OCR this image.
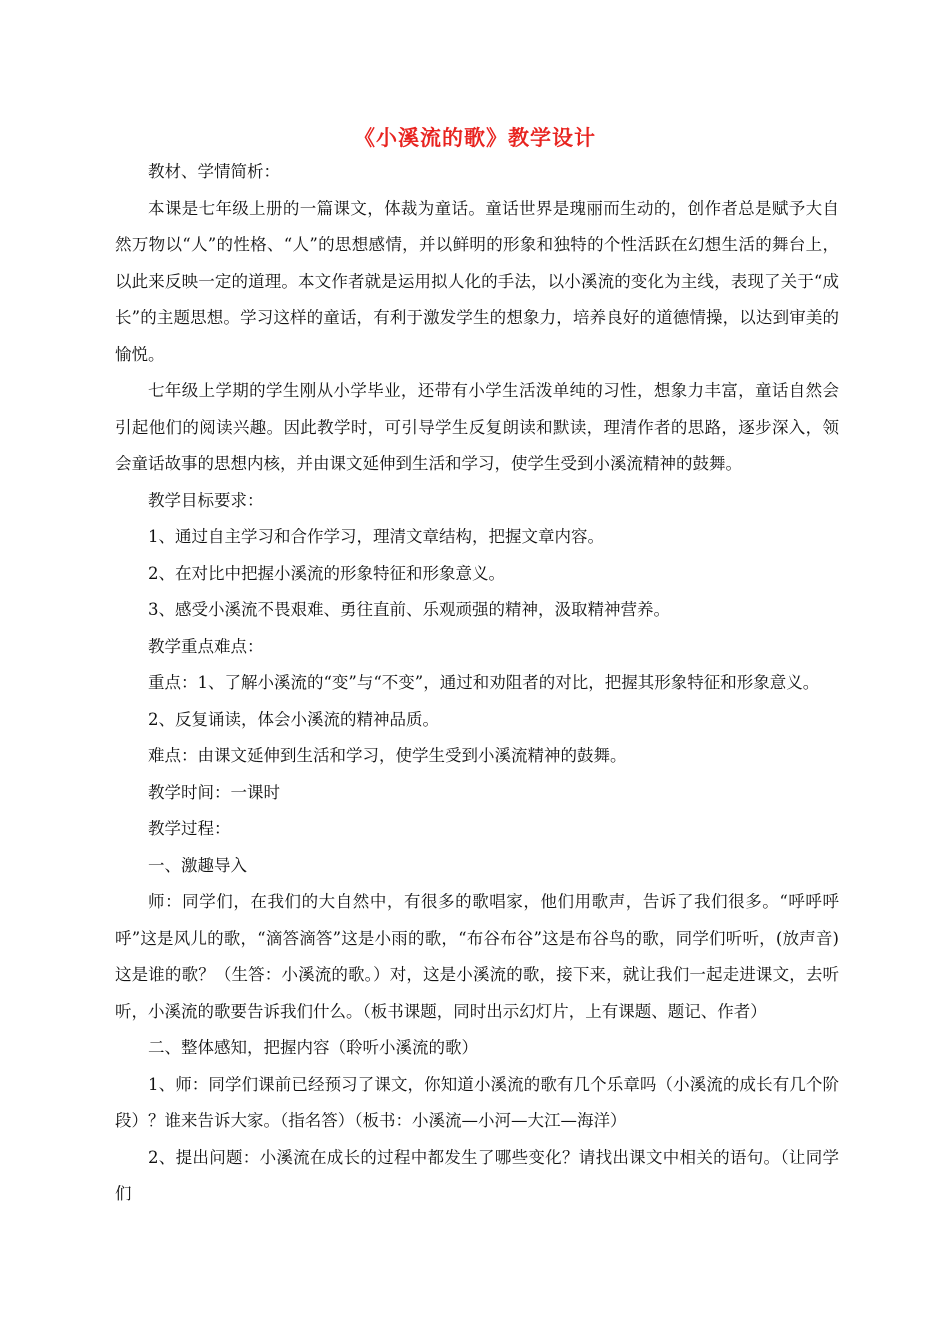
《小溪流的歌》教学设计

教材、学情简析：

本课是七年级上册的一篇课文，体裁为童话。童话世界是瑰丽而生动的，创作者总是赋予大自然万物以“人”的性格、“人”的思想感情，并以鲜明的形象和独特的个性活跃在幻想生活的舞台上，以此来反映一定的道理。本文作者就是运用拟人化的手法，以小溪流的变化为主线，表现了关于“成长”的主题思想。学习这样的童话，有利于激发学生的想象力，培养良好的道德情操，以达到审美的愉悦。

七年级上学期的学生刚从小学毕业，还带有小学生活泼单纯的习性，想象力丰富，童话自然会引起他们的阅读兴趣。因此教学时，可引导学生反复朗读和默读，理清作者的思路，逐步深入，领会童话故事的思想内核，并由课文延伸到生活和学习，使学生受到小溪流精神的鼓舞。

教学目标要求：

1、通过自主学习和合作学习，理清文章结构，把握文章内容。

2、在对比中把握小溪流的形象特征和形象意义。

3、感受小溪流不畏艰难、勇往直前、乐观顽强的精神，汲取精神营养。

教学重点难点：

重点：1、了解小溪流的“变”与“不变”，通过和劝阻者的对比，把握其形象特征和形象意义。

2、反复诵读，体会小溪流的精神品质。

难点：由课文延伸到生活和学习，使学生受到小溪流精神的鼓舞。

教学时间：一课时

教学过程：

一、激趣导入

师：同学们，在我们的大自然中，有很多的歌唱家，他们用歌声，告诉了我们很多。“呼呼呼呼”这是风儿的歌，“滴答滴答”这是小雨的歌，“布谷布谷”这是布谷鸟的歌，同学们听听，(放声音)这是谁的歌？（生答：小溪流的歌。）对，这是小溪流的歌，接下来，就让我们一起走进课文，去听听，小溪流的歌要告诉我们什么。（板书课题，同时出示幻灯片，上有课题、题记、作者）

二、整体感知，把握内容（聆听小溪流的歌）

1、师：同学们课前已经预习了课文，你知道小溪流的歌有几个乐章吗（小溪流的成长有几个阶段）？谁来告诉大家。（指名答）（板书：小溪流—小河—大江—海洋）

2、提出问题：小溪流在成长的过程中都发生了哪些变化？请找出课文中相关的语句。（让同学们
